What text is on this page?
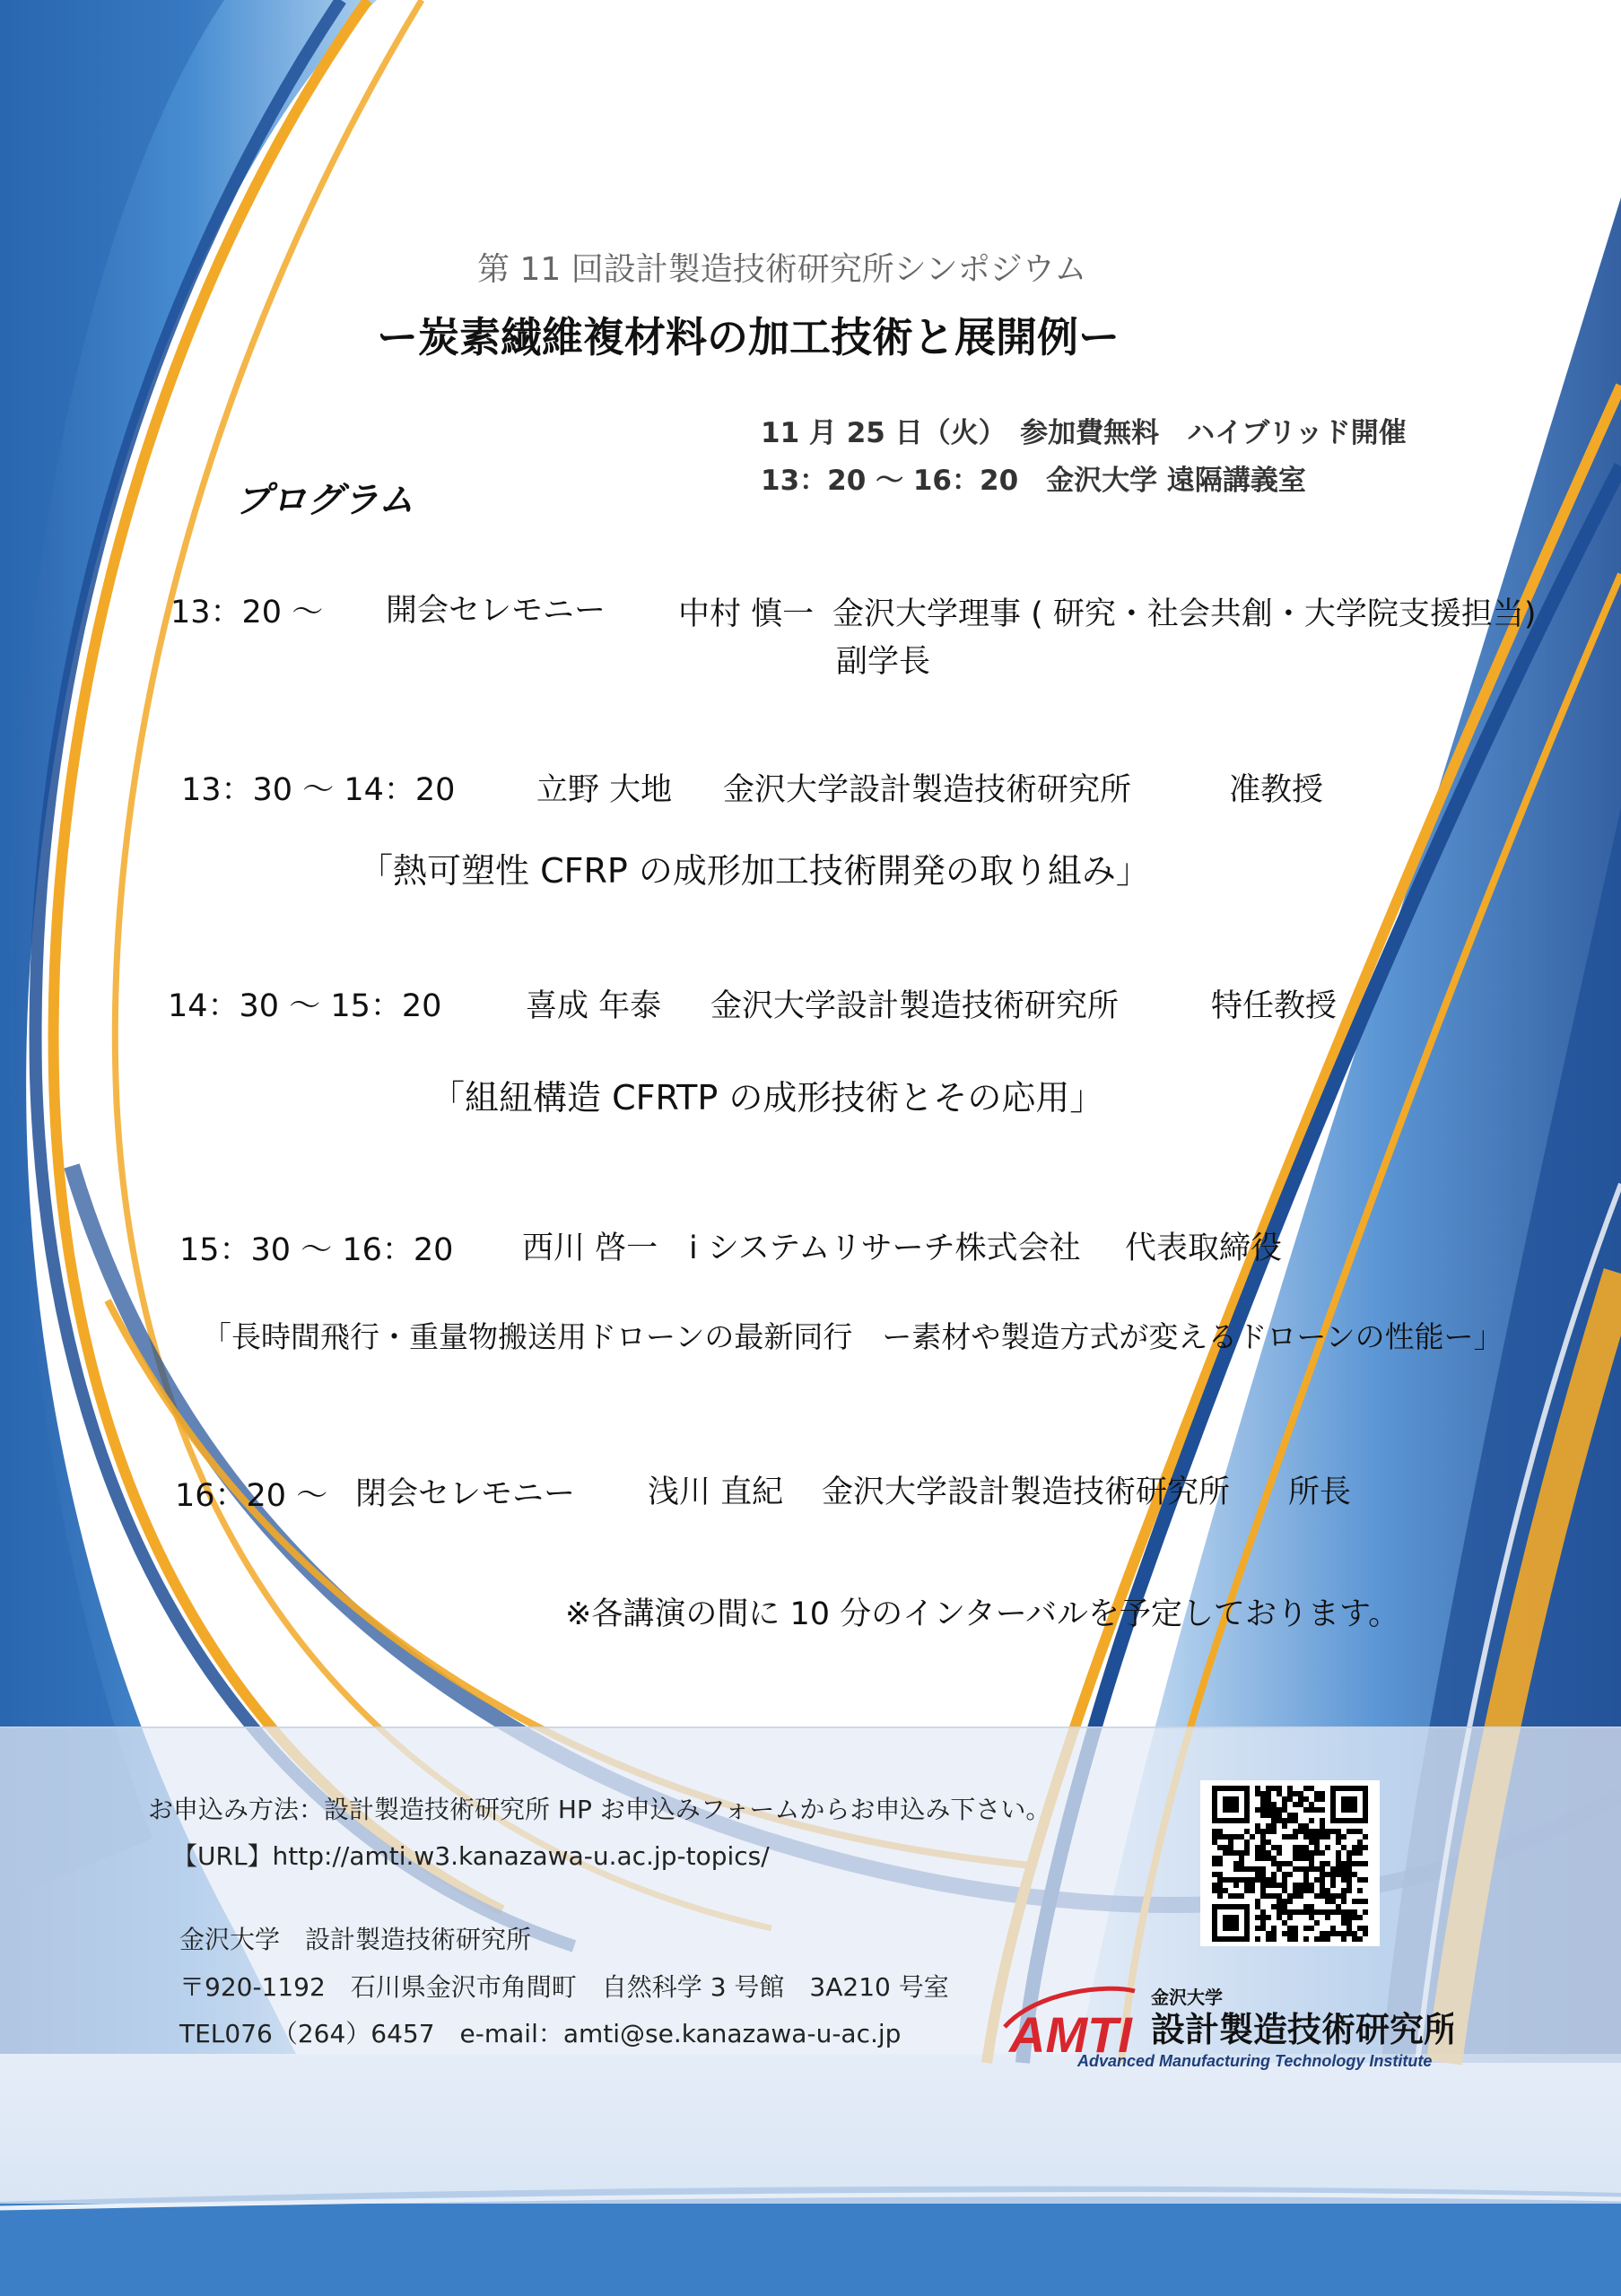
第 11 回設計製造技術研究所シンポジウム
ー炭素繊維複材料の加工技術と展開例ー
11 月 25 日（火）　参加費無料　ハイブリッド開催
13：20 ～ 16：20　金沢大学 遠隔講義室
プログラム
13：20 ～ 開会セレモニー 中村 慎一 金沢大学理事 ( 研究・社会共創・大学院支援担当)
副学長
13：30 ～ 14：20	立野 大地 金沢大学設計製造技術研究所	准教授
「熱可塑性 CFRP の成形加工技術開発の取り組み」
14：30 ～ 15：20	喜成 年泰 金沢大学設計製造技術研究所	特任教授
「組紐構造 CFRTP の成形技術とその応用」
15：30 ～ 16：20 西川 啓一 i システムリサーチ株式会社 代表取締役
「長時間飛行・重量物搬送用ドローンの最新同行　ー素材や製造方式が変えるドローンの性能ー」
16：20 ～ 閉会セレモニー 浅川 直紀 金沢大学設計製造技術研究所 所長
※各講演の間に 10 分のインターバルを予定しております。
お申込み方法：設計製造技術研究所 HP お申込みフォームからお申込み下さい。
【URL】http://amti.w3.kanazawa-u.ac.jp-topics/
金沢大学　設計製造技術研究所
〒920-1192　石川県金沢市角間町　自然科学 3 号館　3A210 号室
TEL076（264）6457　e-mail：amti@se.kanazawa-u-ac.jp AMTI
金沢大学
設計製造技術研究所
Advanced Manufacturing Technology Institute
